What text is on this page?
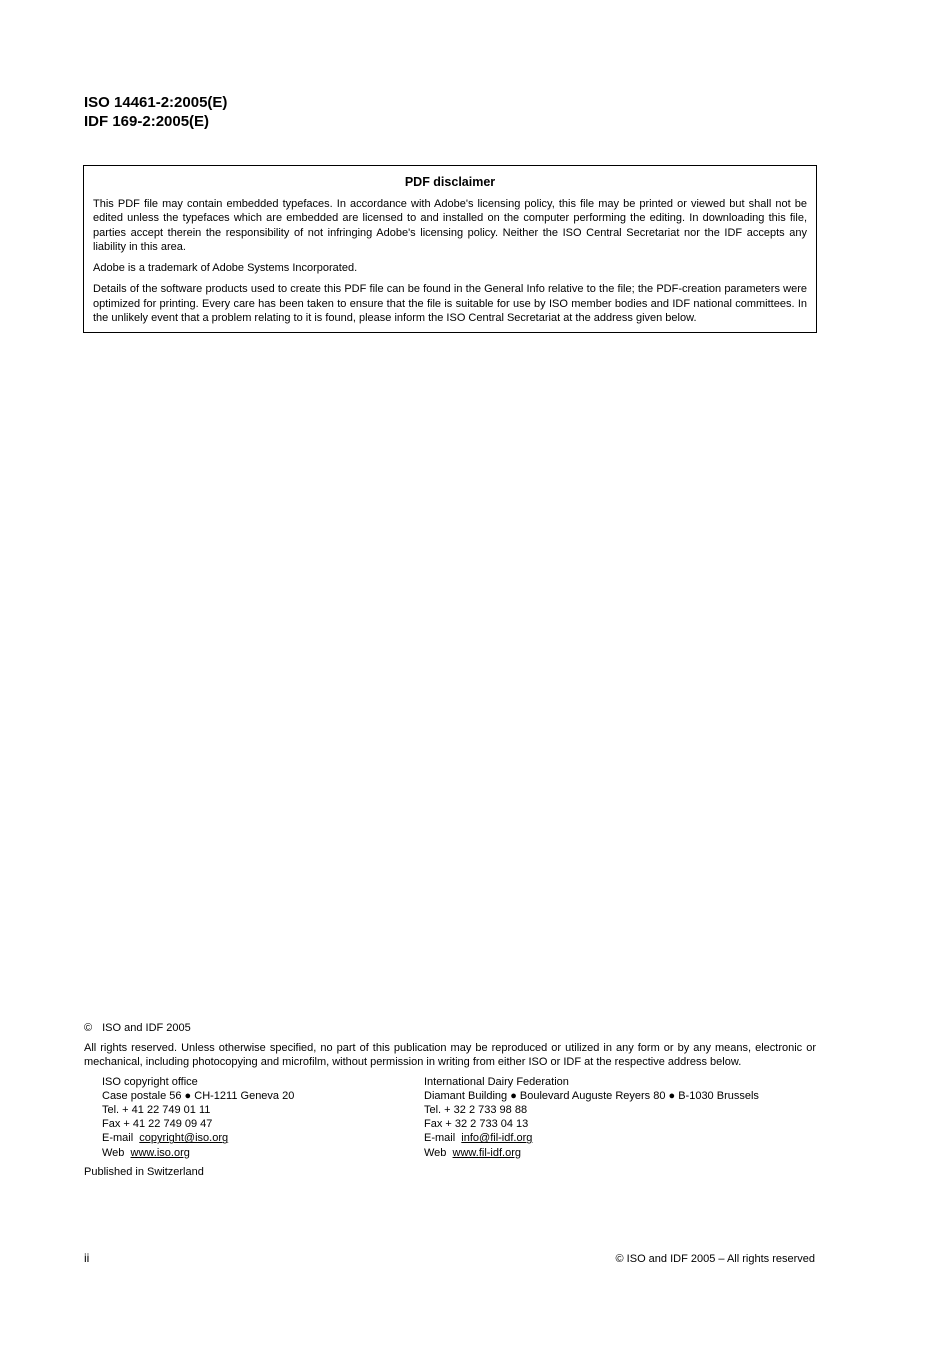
ISO 14461-2:2005(E)
IDF 169-2:2005(E)
PDF disclaimer

This PDF file may contain embedded typefaces. In accordance with Adobe's licensing policy, this file may be printed or viewed but shall not be edited unless the typefaces which are embedded are licensed to and installed on the computer performing the editing. In downloading this file, parties accept therein the responsibility of not infringing Adobe's licensing policy. Neither the ISO Central Secretariat nor the IDF accepts any liability in this area.

Adobe is a trademark of Adobe Systems Incorporated.

Details of the software products used to create this PDF file can be found in the General Info relative to the file; the PDF-creation parameters were optimized for printing. Every care has been taken to ensure that the file is suitable for use by ISO member bodies and IDF national committees. In the unlikely event that a problem relating to it is found, please inform the ISO Central Secretariat at the address given below.

© ISO and IDF 2005
All rights reserved. Unless otherwise specified, no part of this publication may be reproduced or utilized in any form or by any means, electronic or mechanical, including photocopying and microfilm, without permission in writing from either ISO or IDF at the respective address below.
ISO copyright office
Case postale 56 ● CH-1211 Geneva 20
Tel. + 41 22 749 01 11
Fax + 41 22 749 09 47
E-mail copyright@iso.org
Web www.iso.org
International Dairy Federation
Diamant Building ● Boulevard Auguste Reyers 80 ● B-1030 Brussels
Tel. + 32 2 733 98 88
Fax + 32 2 733 04 13
E-mail info@fil-idf.org
Web www.fil-idf.org
Published in Switzerland
ii	© ISO and IDF 2005 – All rights reserved
